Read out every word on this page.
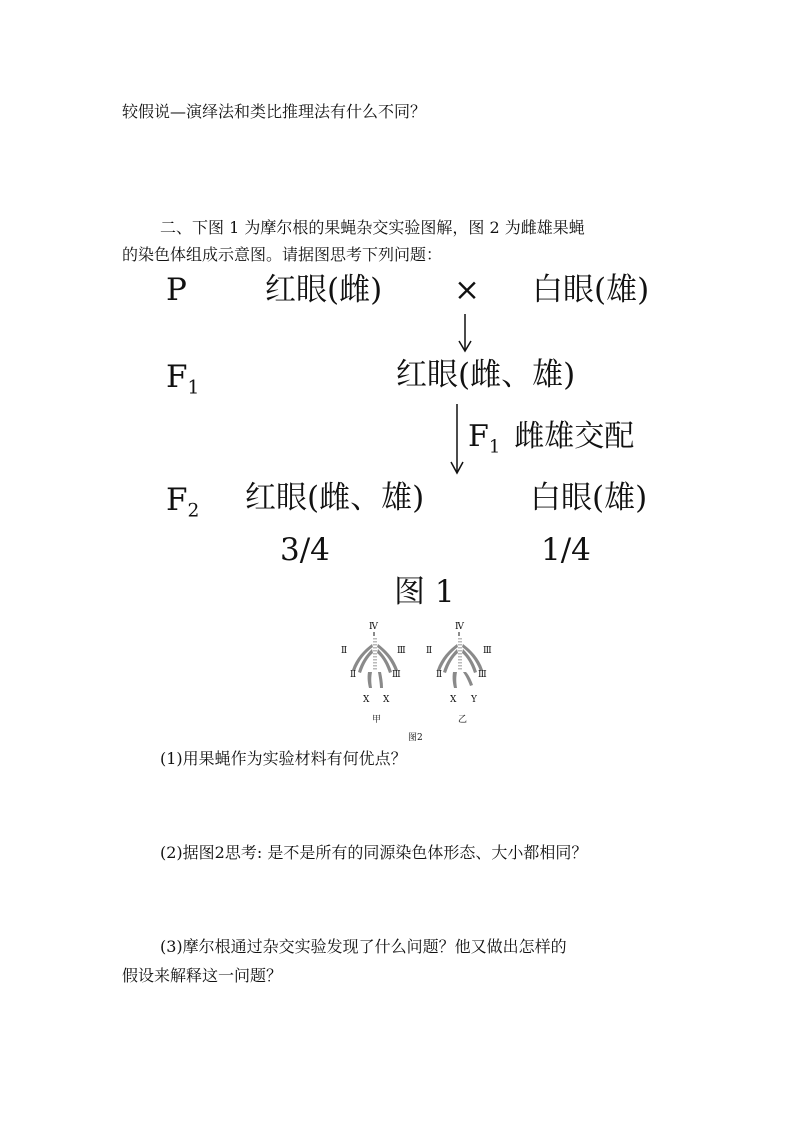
较假说—演绎法和类比推理法有什么不同？
二、下图 1 为摩尔根的果蝇杂交实验图解，图 2 为雌雄果蝇
的染色体组成示意图。请据图思考下列问题：
P	红眼(雌) × 白眼(雄)
$F_1$	红眼(雌、雄)
$F_1$ 雌雄交配
$F_2$ 红眼(雌、雄)	白眼(雄)
3/4	1/4
图 1
Ⅳ
Ⅱ	Ⅲ
Ⅱ	Ⅲ
X X
甲
Ⅳ
Ⅱ	Ⅲ
Ⅱ	Ⅲ
X Y
乙
图2
(1)用果蝇作为实验材料有何优点？
(2)据图2思考: 是不是所有的同源染色体形态、大小都相同？
(3)摩尔根通过杂交实验发现了什么问题？他又做出怎样的
假设来解释这一问题？
